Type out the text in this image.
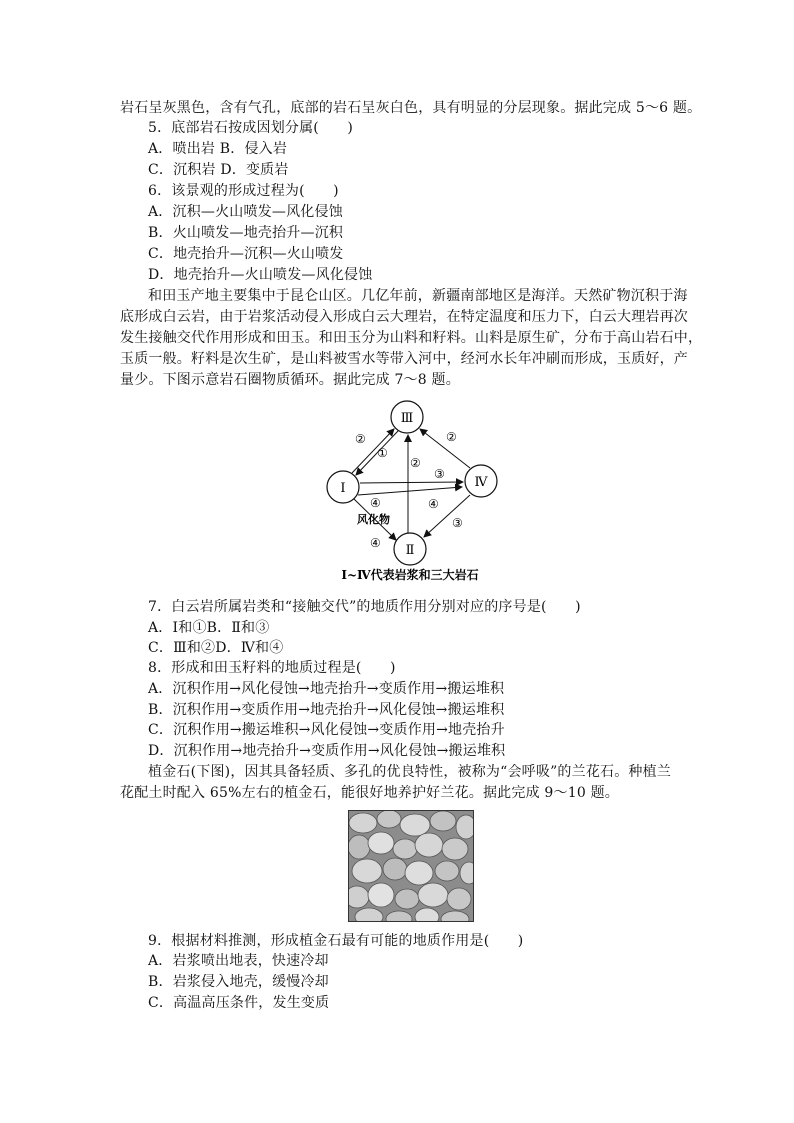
岩石呈灰黑色，含有气孔，底部的岩石呈灰白色，具有明显的分层现象。据此完成 5～6 题。
5．底部岩石按成因划分属(　　)
A．喷出岩 B．侵入岩
C．沉积岩 D．变质岩
6．该景观的形成过程为(　　)
A．沉积—火山喷发—风化侵蚀
B．火山喷发—地壳抬升—沉积
C．地壳抬升—沉积—火山喷发
D．地壳抬升—火山喷发—风化侵蚀
和田玉产地主要集中于昆仑山区。几亿年前，新疆南部地区是海洋。天然矿物沉积于海
底形成白云岩，由于岩浆活动侵入形成白云大理岩，在特定温度和压力下，白云大理岩再次
发生接触交代作用形成和田玉。和田玉分为山料和籽料。山料是原生矿，分布于高山岩石中，
玉质一般。籽料是次生矿，是山料被雪水等带入河中，经河水长年冲刷而形成，玉质好，产
量少。下图示意岩石圈物质循环。据此完成 7～8 题。
Ⅲ
Ⅰ	Ⅳ
Ⅱ
②
①
②
②
③
④
④
③
④
风化物
Ⅰ~Ⅳ代表岩浆和三大岩石
7．白云岩所属岩类和“接触交代”的地质作用分别对应的序号是(　　)
A．Ⅰ和①B．Ⅱ和③
C．Ⅲ和②D．Ⅳ和④
8．形成和田玉籽料的地质过程是(　　)
A．沉积作用→风化侵蚀→地壳抬升→变质作用→搬运堆积
B．沉积作用→变质作用→地壳抬升→风化侵蚀→搬运堆积
C．沉积作用→搬运堆积→风化侵蚀→变质作用→地壳抬升
D．沉积作用→地壳抬升→变质作用→风化侵蚀→搬运堆积
植金石(下图)，因其具备轻质、多孔的优良特性，被称为“会呼吸”的兰花石。种植兰
花配土时配入 65%左右的植金石，能很好地养护好兰花。据此完成 9～10 题。
9．根据材料推测，形成植金石最有可能的地质作用是(　　)
A．岩浆喷出地表，快速冷却
B．岩浆侵入地壳，缓慢冷却
C．高温高压条件，发生变质
